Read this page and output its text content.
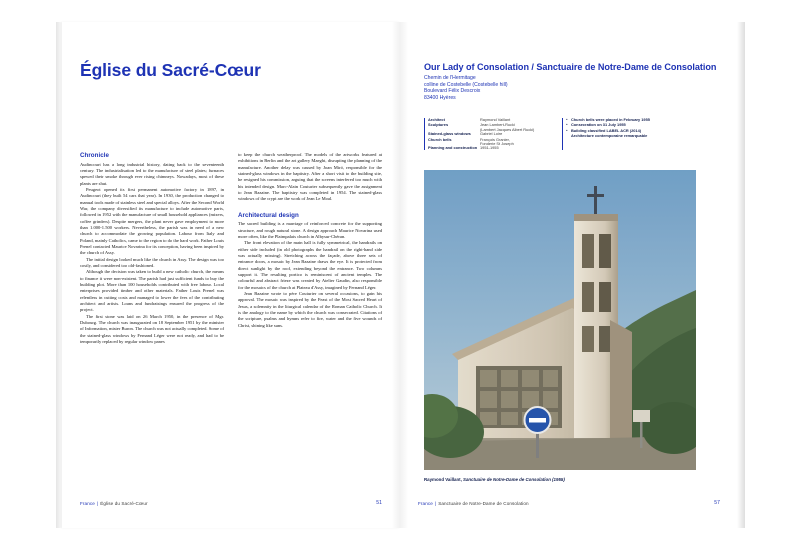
Église du Sacré-Cœur
Chronicle

Audincourt has a long industrial history, dating back to the seventeenth century. The industrialisation led to the manufacture of steel plates; furnaces spewed their smoke through ever rising chimneys. Nowadays, most of these plants are shut.

Peugeot opened its first permanent automotive factory in 1897, in Audincourt (they built 54 cars that year). In 1930, the production changed to manual tools made of stainless steel and special alloys. After the Second World War, the company diversified its manufacture to include automotive parts, followed in 1952 with the manufacture of small household appliances (mixers, coffee grinders). Despite mergers, the plant never gave employment to more than 1.000-1.500 workers. Nevertheless, the parish was in need of a new church to accommodate the growing population. Labour from Italy and Poland, mainly Catholics, came to the region to do the hard work. Father Louis Prenel contacted Maurice Novarina for its conception, having been inspired by the church of Assy.

The initial design looked much like the church in Assy. The design was too costly, and considered too old-fashioned.

Although the decision was taken to build a new catholic church, the means to finance it were non-existent. The parish had just sufficient funds to buy the building plot. More than 100 households contributed with free labour. Local enterprises provided timber and other materials. Father Louis Prenel was relentless in cutting costs and managed to lower the fees of the contributing architect and artists. Loans and fundraisings ensured the progress of the project.

The first stone was laid on 26 March 1950, in the presence of Mgr. Dubourg. The church was inaugurated on 18 September 1951 by the minister of Information, mister Buron. The church was not actually completed. Some of the stained-glass windows by Fernand Léger were not ready, and had to be temporarily replaced by regular window panes

to keep the church weatherproof. The models of the artworks featured at exhibitions in Berlin and the art gallery Maeght, disrupting the planning of the manufacture. Another delay was caused by Joan Miró, responsible for the stained-glass windows in the baptistry. After a short visit to the building site, he resigned his commission, arguing that the screens interfered too much with his intended design. Marc-Alain Couturier subsequently gave the assignment to Jean Bazaine. The baptistry was completed in 1954. The stained-glass windows of the crypt are the work of Jean Le Moal.

Architectural design

The sacred building is a marriage of reinforced concrete for the supporting structure, and rough natural stone. A design approach Maurice Novarina used more often, like the Plaimpalais church in Albysur-Chéran.

The front elevation of the main hall is fully symmetrical, the handrails on either side included (in old photographs the handrail on the right-hand side was actually missing). Stretching across the façade, above three sets of entrance doors, a mosaic by Jean Bazaine draws the eye. It is protected from direct sunlight by the roof, extending beyond the entrance. Two columns support it. The resulting portico is reminiscent of ancient temples. The colourful and abstract frieze was created by Atelier Gaudin, also responsible for the mosaics of the church at Plateau d'Assy, imagined by Fernand Léger.

Jean Bazaine wrote to père Couturier on several occasions, to gain his approval. The mosaic was inspired by the Feast of the Most Sacred Heart of Jesus, a solemnity in the liturgical calendar of the Roman Catholic Church. It is the analogy to the name by which the church was consecrated. Citations of the scripture, psalms and hymns refer to fire, water and the five wounds of Christ, shining like suns.

France | Église du Sacré-Cœur	51
Our Lady of Consolation / Sanctuaire de Notre-Dame de Consolation
Chemin de l'Hermitage
colline de Costebelle (Costebelle hill)
Boulevard Félix Descroix
83400 Hyères
Architect
Sculptures
Stained-glass windows
Church bells
Planning and construction
Raymond Vaillant
Jean Lambert-Rucki
(Lambert Jacques Albert Rucki)
Gabriel Loire
François Granier,
Fonderie St Joseph
1951-1955
● Church bells were placed in February 1955
● Consecration on 31 July 1955
● Building classified LABEL ACR (2014)
Architecture contemporaine remarquable
Raymond Vaillant, Sanctuaire de Notre-Dame de Consolation (1955)
France | Sanctuaire de Notre-Dame de Consolation	57
